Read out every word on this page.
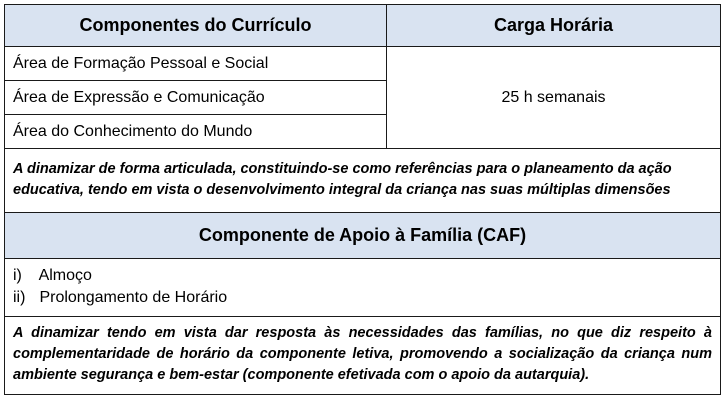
Componentes do Currículo	Carga Horária
Área de Formação Pessoal e Social	25 h semanais
Área de Expressão e Comunicação	
Área do Conhecimento do Mundo	
A dinamizar de forma articulada, constituindo-se como referências para o planeamento da ação educativa, tendo em vista o desenvolvimento integral da criança nas suas múltiplas dimensões	
Componente de Apoio à Família (CAF)	

i) Almoço
ii) Prolongamento de Horário	

A dinamizar tendo em vista dar resposta às necessidades das famílias, no que diz respeito à complementaridade de horário da componente letiva, promovendo a socialização da criança num ambiente segurança e bem-estar (componente efetivada com o apoio da autarquia).	
